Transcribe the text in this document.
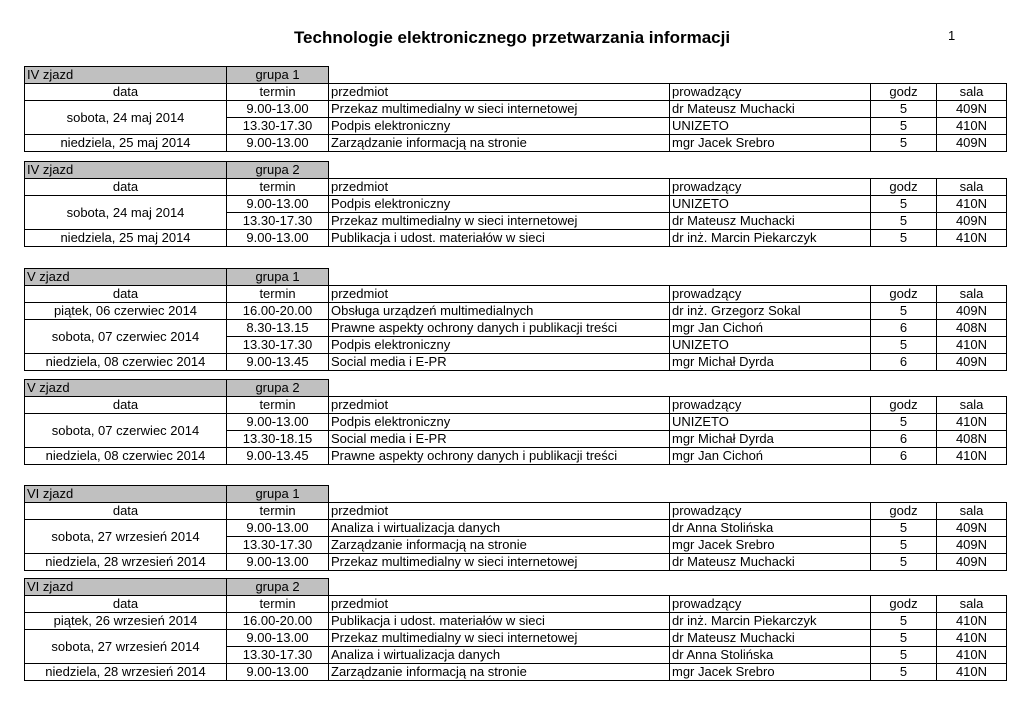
Technologie elektronicznego przetwarzania informacji	1
IV zjazd	grupa 1				
data	termin	przedmiot	prowadzący	godz	sala
sobota, 24 maj 2014	9.00-13.00	Przekaz multimedialny w sieci internetowej	dr Mateusz Muchacki	5	409N
	13.30-17.30	Podpis elektroniczny	UNIZETO	5	410N
niedziela, 25 maj 2014	9.00-13.00	Zarządzanie informacją na stronie	mgr Jacek Srebro	5	409N
IV zjazd	grupa 2				
data	termin	przedmiot	prowadzący	godz	sala
sobota, 24 maj 2014	9.00-13.00	Podpis elektroniczny	UNIZETO	5	410N
	13.30-17.30	Przekaz multimedialny w sieci internetowej	dr Mateusz Muchacki	5	409N
niedziela, 25 maj 2014	9.00-13.00	Publikacja i udost. materiałów w sieci	dr inż. Marcin Piekarczyk	5	410N
V zjazd	grupa 1				
data	termin	przedmiot	prowadzący	godz	sala
piątek, 06 czerwiec 2014	16.00-20.00	Obsługa urządzeń multimedialnych	dr inż. Grzegorz Sokal	5	409N
sobota, 07 czerwiec 2014	8.30-13.15	Prawne aspekty ochrony danych i publikacji treści	mgr Jan Cichoń	6	408N
	13.30-17.30	Podpis elektroniczny	UNIZETO	5	410N
niedziela, 08 czerwiec 2014	9.00-13.45	Social media i E-PR	mgr Michał Dyrda	6	409N
V zjazd	grupa 2				
data	termin	przedmiot	prowadzący	godz	sala
sobota, 07 czerwiec 2014	9.00-13.00	Podpis elektroniczny	UNIZETO	5	410N
	13.30-18.15	Social media i E-PR	mgr Michał Dyrda	6	408N
niedziela, 08 czerwiec 2014	9.00-13.45	Prawne aspekty ochrony danych i publikacji treści	mgr Jan Cichoń	6	410N
VI zjazd	grupa 1				
data	termin	przedmiot	prowadzący	godz	sala
sobota, 27 wrzesień 2014	9.00-13.00	Analiza i wirtualizacja danych	dr Anna Stolińska	5	409N
	13.30-17.30	Zarządzanie informacją na stronie	mgr Jacek Srebro	5	409N
niedziela, 28 wrzesień 2014	9.00-13.00	Przekaz multimedialny w sieci internetowej	dr Mateusz Muchacki	5	409N
VI zjazd	grupa 2				
data	termin	przedmiot	prowadzący	godz	sala
piątek, 26 wrzesień 2014	16.00-20.00	Publikacja i udost. materiałów w sieci	dr inż. Marcin Piekarczyk	5	410N
sobota, 27 wrzesień 2014	9.00-13.00	Przekaz multimedialny w sieci internetowej	dr Mateusz Muchacki	5	410N
	13.30-17.30	Analiza i wirtualizacja danych	dr Anna Stolińska	5	410N
niedziela, 28 wrzesień 2014	9.00-13.00	Zarządzanie informacją na stronie	mgr Jacek Srebro	5	410N
